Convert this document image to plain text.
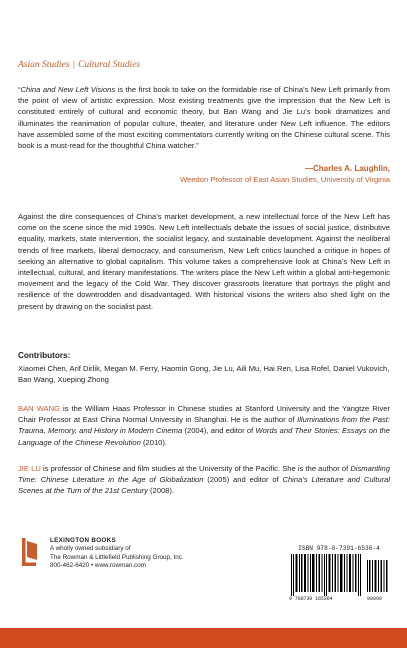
Asian Studies | Cultural Studies

“China and New Left Visions is the first book to take on the formidable rise of China’s New Left primarily from the point of view of artistic expression. Most existing treatments give the impression that the New Left is constituted entirely of cultural and economic theory, but Ban Wang and Jie Lu’s book dramatizes and illuminates the reanimation of popular culture, theater, and literature under New Left influence. The editors have assembled some of the most exciting commentators currently writing on the Chinese cultural scene. This book is a must-read for the thoughtful China watcher.”

—Charles A. Laughlin,
Weedon Professor of East Asian Studies, University of Virginia

Against the dire consequences of China’s market development, a new intellectual force of the New Left has come on the scene since the mid 1990s. New Left intellectuals debate the issues of social justice, distributive equality, markets, state intervention, the socialist legacy, and sustainable development. Against the neoliberal trends of free markets, liberal democracy, and consumerism, New Left critics launched a critique in hopes of seeking an alternative to global capitalism. This volume takes a comprehensive look at China’s New Left in intellectual, cultural, and literary manifestations. The writers place the New Left within a global anti-hegemonic movement and the legacy of the Cold War. They discover grassroots literature that portrays the plight and resilience of the downtrodden and disadvantaged. With historical visions the writers also shed light on the present by drawing on the socialist past.

Contributors:

Xiaomei Chen, Arif Dirlik, Megan M. Ferry, Haomin Gong, Jie Lu, Aili Mu, Hai Ren, Lisa Rofel, Daniel Vukovich, Ban Wang, Xueping Zhong

BAN WANG is the William Haas Professor in Chinese studies at Stanford University and the Yangtze River Chair Professor at East China Normal University in Shanghai. He is the author of Illuminations from the Past: Trauma, Memory, and History in Modern Cinema (2004), and editor of Words and Their Stories: Essays on the Language of the Chinese Revolution (2010).

JIE LU is professor of Chinese and film studies at the University of the Pacific. She is the author of Dismantling Time: Chinese Literature in the Age of Globalization (2005) and editor of China’s Literature and Cultural Scenes at the Turn of the 21st Century (2008).

LEXINGTON BOOKS
A wholly owned subsidiary of
The Rowman & Littlefield Publishing Group, Inc.
800-462-6420 • www.rowman.com
ISBN 978-0-7391-6536-4
9 780739 165364	90000
